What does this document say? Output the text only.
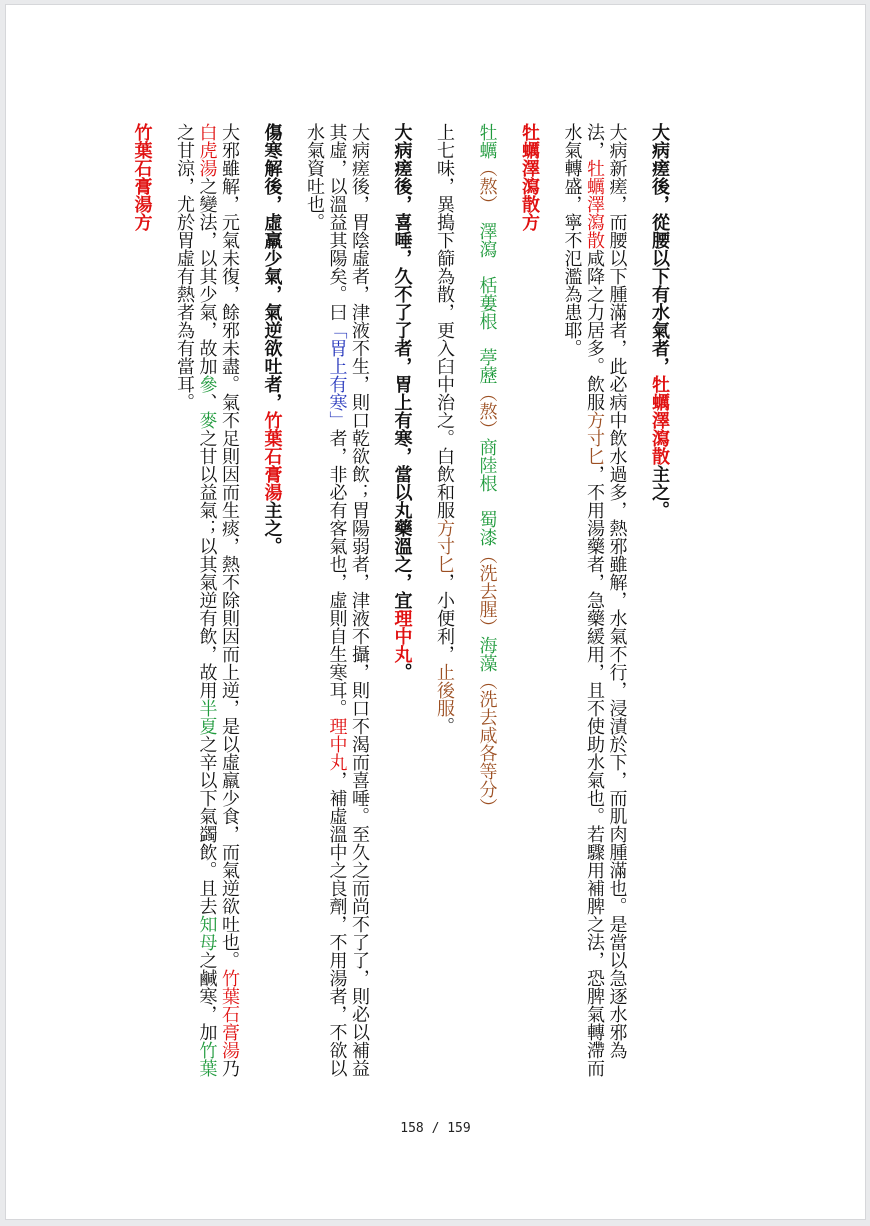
大病瘥後，從腰以下有水氣者，牡蠣澤瀉散主之。

大病新瘥，而腰以下腫滿者，此必病中飲水過多，熱邪雖解，水氣不行，浸漬於下，而肌肉腫滿也。是當以急逐水邪為法，牡蠣澤瀉散咸降之力居多。飲服方寸匕，不用湯藥者，急藥緩用，且不使助水氣也。若驟用補脾之法，恐脾氣轉滯而水氣轉盛，寧不氾濫為患耶。

牡蠣澤瀉散方

牡蠣（熬）　澤瀉　栝蔞根　葶藶（熬）商陸根　蜀漆（洗去腥）海藻（洗去咸各等分）

上七味，異搗下篩為散，更入臼中治之。白飲和服方寸匕，小便利，止後服。

大病瘥後，喜唾，久不了了者，胃上有寒，當以丸藥溫之，宜理中丸。

大病瘥後，胃陰虛者，津液不生，則口乾欲飲；胃陽弱者，津液不攝，則口不渴而喜唾。至久之而尚不了了，則必以補益其虛，以溫益其陽矣。曰「胃上有寒」者，非必有客氣也，虛則自生寒耳。理中丸，補虛溫中之良劑，不用湯者，不欲以水氣資吐也。

傷寒解後，虛羸少氣，氣逆欲吐者，竹葉石膏湯主之。

大邪雖解，元氣未復，餘邪未盡。氣不足則因而生痰，熱不除則因而上逆，是以虛羸少食，而氣逆欲吐也。竹葉石膏湯乃白虎湯之變法，以其少氣，故加參、麥之甘以益氣；以其氣逆有飲，故用半夏之辛以下氣蠲飲。且去知母之鹹寒，加竹葉之甘涼，尤於胃虛有熱者為有當耳。

竹葉石膏湯方

158 / 159
